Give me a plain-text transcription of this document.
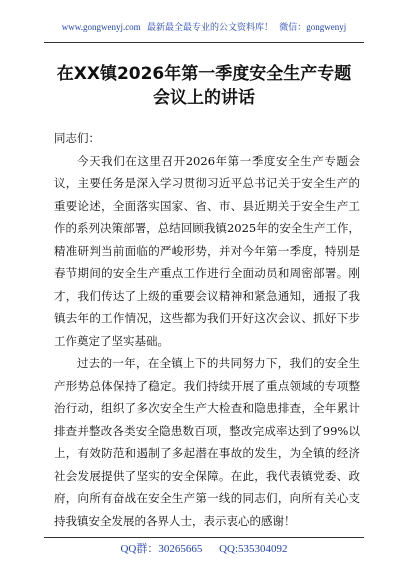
www.gongwenyj.com 最新最全最专业的公文资料库！ 微信：gongwenyj
在XX镇2026年第一季度安全生产专题
会议上的讲话

同志们：

今天我们在这里召开2026年第一季度安全生产专题会议，主要任务是深入学习贯彻习近平总书记关于安全生产的重要论述，全面落实国家、省、市、县近期关于安全生产工作的系列决策部署，总结回顾我镇2025年的安全生产工作，精准研判当前面临的严峻形势，并对今年第一季度，特别是春节期间的安全生产重点工作进行全面动员和周密部署。刚才，我们传达了上级的重要会议精神和紧急通知，通报了我镇去年的工作情况，这些都为我们开好这次会议、抓好下步工作奠定了坚实基础。

过去的一年，在全镇上下的共同努力下，我们的安全生产形势总体保持了稳定。我们持续开展了重点领域的专项整治行动，组织了多次安全生产大检查和隐患排查，全年累计排查并整改各类安全隐患数百项，整改完成率达到了99%以上，有效防范和遏制了多起潜在事故的发生，为全镇的经济社会发展提供了坚实的安全保障。在此，我代表镇党委、政府，向所有奋战在安全生产第一线的同志们，向所有关心支持我镇安全发展的各界人士，表示衷心的感谢！

QQ群：30265665 QQ:535304092
